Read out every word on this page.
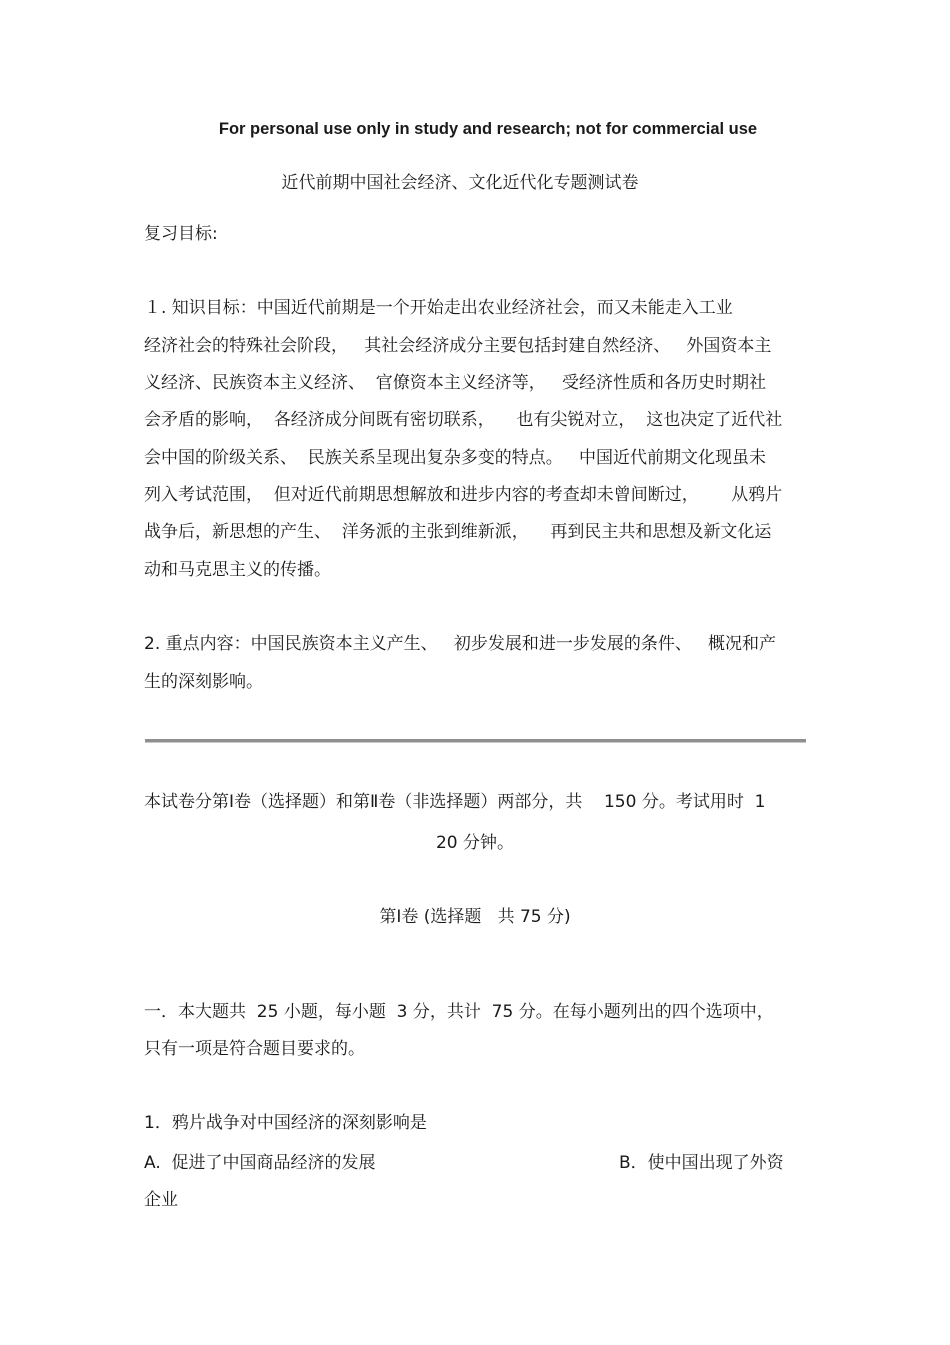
For personal use only in study and research; not for commercial use
近代前期中国社会经济、文化近代化专题测试卷
复习目标:
１. 知识目标：中国近代前期是一个开始走出农业经济社会，而又未能走入工业
经济社会的特殊社会阶段，   其社会经济成分主要包括封建自然经济、   外国资本主
义经济、民族资本主义经济、  官僚资本主义经济等，   受经济性质和各历史时期社
会矛盾的影响，  各经济成分间既有密切联系，    也有尖锐对立，  这也决定了近代社
会中国的阶级关系、  民族关系呈现出复杂多变的特点。   中国近代前期文化现虽未
列入考试范围，  但对近代前期思想解放和进步内容的考查却未曾间断过，      从鸦片
战争后，新思想的产生、  洋务派的主张到维新派，    再到民主共和思想及新文化运
动和马克思主义的传播。
2. 重点内容：中国民族资本主义产生、   初步发展和进一步发展的条件、   概况和产
生的深刻影响。
本试卷分第Ⅰ卷（选择题）和第Ⅱ卷（非选择题）两部分，共    150 分。考试用时  1
20 分钟。
第Ⅰ卷 (选择题   共 75 分)
一．本大题共  25 小题，每小题  3 分，共计  75 分。在每小题列出的四个选项中，
只有一项是符合题目要求的。
1．鸦片战争对中国经济的深刻影响是
A.  促进了中国商品经济的发展	B．使中国出现了外资
企业
